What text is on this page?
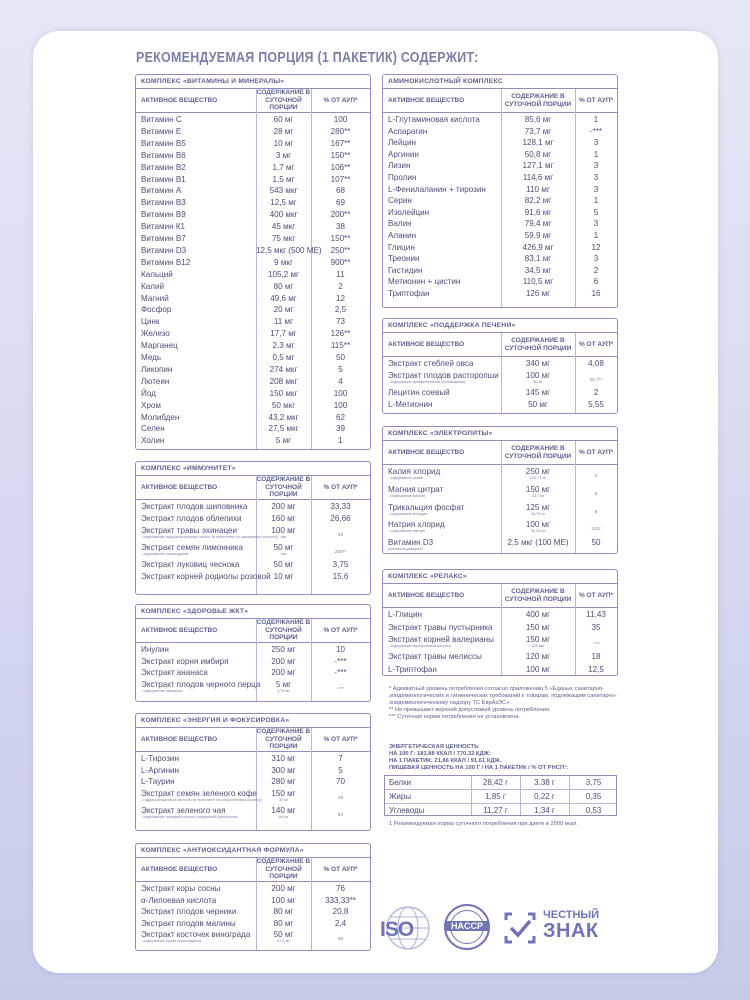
РЕКОМЕНДУЕМАЯ ПОРЦИЯ (1 ПАКЕТИК) СОДЕРЖИТ:
КОМПЛЕКС «ВИТАМИНЫ И МИНЕРАЛЫ»
АКТИВНОЕ ВЕЩЕСТВО
СОДЕРЖАНИЕ В СУТОЧНОЙ ПОРЦИИ
% ОТ АУП*
Витамин С	60 мг	100
Витамин Е	28 мг	280**
Витамин В5	10 мг	167**
Витамин В6	3 мг	150**
Витамин В2	1,7 мг	106**
Витамин В1	1,5 мг	107**
Витамин А	543 мкг	68
Витамин В3	12,5 мг	69
Витамин В9	400 мкг	200**
Витамин К1	45 мкг	38
Витамин В7	75 мкг	150**
Витамин D3	12,5 мкг (500 МЕ)	250**
Витамин В12	9 мкг	900**
Кальций	105,2 мг	11
Калий	80 мг	2
Магний	49,6 мг	12
Фосфор	20 мг	2,5
Цинк	11 мг	73
Железо	17,7 мг	126**
Марганец	2,3 мг	115**
Медь	0,5 мг	50
Ликопин	274 мкг	5
Лютеин	208 мкг	4
Йод	150 мкг	100
Хром	50 мкг	100
Молибден	43,2 мкг	62
Селен	27,5 мкг	39
Холин	5 мг	1
КОМПЛЕКС «ИММУНИТЕТ»
АКТИВНОЕ ВЕЩЕСТВО
СОДЕРЖАНИЕ В СУТОЧНОЙ ПОРЦИИ
% ОТ АУП*
Экстракт плодов шиповника	200 мг	33,33
Экстракт плодов облепихи	160 мг	26,66
Экстракт травы эхинацеи	100 мг
- содержание гидроксикоричных кислот (в пересчете на цикориевую кислоту) 4мг	40
Экстракт семян лимонника	50 мг
- содержание схизандрина	1мг	200**
Экстракт луковиц чеснока	50 мг	3,75
Экстракт корней родиолы розовой 10 мг	15,6
КОМПЛЕКС «ЗДОРОВЬЕ ЖКТ»
АКТИВНОЕ ВЕЩЕСТВО
СОДЕРЖАНИЕ В СУТОЧНОЙ ПОРЦИИ
% ОТ АУП*
Инулин	250 мг	10
Экстракт корня имбиря	200 мг	-***
Экстракт ананаса	200 мг	-***
Экстракт плодов черного перца	5 мг
- содержание пиперина	4,75 мг	-***
КОМПЛЕКС «ЭНЕРГИЯ И ФОКУСИРОВКА»
АКТИВНОЕ ВЕЩЕСТВО
СОДЕРЖАНИЕ В СУТОЧНОЙ ПОРЦИИ
% ОТ АУП*
L-Тирозин	310 мг	7
L-Аргинин	300 мг	5
L-Таурин	280 мг	70
Экстракт семян зеленого кофе	150 мг
- гидроксикоричные кислоты (в пересчете на хлорогеновую кислоту)	30 мг	15
Экстракт зеленого чая	140 мг
- содержание полифенольных соединений (катехинов)	84 мг	84
КОМПЛЕКС «АНТИОКСИДАНТНАЯ ФОРМУЛА»
АКТИВНОЕ ВЕЩЕСТВО
СОДЕРЖАНИЕ В СУТОЧНОЙ ПОРЦИИ
% ОТ АУП*
Экстракт коры сосны	200 мг	76
α-Липоевая кислота	100 мг	333,33**
Экстракт плодов черники	80 мг	20,8
Экстракт плодов малины	80 мг	2,4
Экстракт косточек винограда	50 мг
- содержание проантоцианидинов	47,5 мг	48
АМИНОКИСЛОТНЫЙ КОМПЛЕКС
АКТИВНОЕ ВЕЩЕСТВО
СОДЕРЖАНИЕ В СУТОЧНОЙ ПОРЦИИ	% ОТ АУП*
L-Глутаминовая кислота	85,6 мг	1
Аспарагин	73,7 мг	-***
Лейцин	128,1 мг	3
Аргинин	50,8 мг	1
Лизин	127,1 мг	3
Пролин	114,6 мг	3
L-Фенилаланин + тирозин	110 мг	3
Серин	82,2 мг	1
Изолейцин	91,6 мг	5
Валин	79,4 мг	3
Аланин	59,9 мг	1
Глицин	426,9 мг	12
Треонин	83,1 мг	3
Гистидин	34,5 мг	2
Метионин + цистин	110,5 мг	6
Триптофан	126 мг	16
КОМПЛЕКС «ПОДДЕРЖКА ПЕЧЕНИ»
АКТИВНОЕ ВЕЩЕСТВО
СОДЕРЖАНИЕ В СУТОЧНОЙ ПОРЦИИ	% ОТ АУП*
Экстракт стеблей овса	340 мг	4,08
Экстракт плодов расторопши	100 мг
- содержание флаволигнанов (силимарина)	80 мг	26,7**
Лецитин соевый	145 мг	2
L-Метионин	50 мг	5,55
КОМПЛЕКС «ЭЛЕКТРОЛИТЫ»
АКТИВНОЕ ВЕЩЕСТВО
СОДЕРЖАНИЕ В СУТОЧНОЙ ПОРЦИИ	% ОТ АУП*
Калия хлорид	250 мг
- содержание калия	130,77 мг	4
Магния цитрат	150 мг
- содержание магния	23,7 мг	6
Трикальция фосфат	125 мг
- содержание кальция	48,75 мг	5
Натрия хлорид	100 мг
- содержание натрия	39,33 мг	3,02
Витамин D3	2,5 мкг (100 МЕ)	50
(холекальциферол)
КОМПЛЕКС «РЕЛАКС»
АКТИВНОЕ ВЕЩЕСТВО
СОДЕРЖАНИЕ В СУТОЧНОЙ ПОРЦИИ	% ОТ АУП*
L-Глицин	400 мг	11,43
Экстракт травы пустырника	150 мг	35
Экстракт корней валерианы	150 мг
- содержание валереновой кислоты	300 мкг	-***
Экстракт травы мелиссы	120 мг	18
L-Триптофан	100 мг	12,5
* Адекватный уровень потребления согласно приложению 5 «Единых санитарно-эпидемиологических и гигиенических требований к товарам, подлежащим санитарно-эпидемиологическому надзору ТС ЕврАзЭС».
** Не превышает верхний допустимый уровень потребления.
*** Суточная норма потребления не установлена.
ЭНЕРГЕТИЧЕСКАЯ ЦЕННОСТЬ
НА 100 Г: 183,88 ККАЛ / 770,32 КДЖ;
НА 1 ПАКЕТИК: 21,86 ККАЛ / 91,61 КДЖ.
ПИЩЕВАЯ ЦЕННОСТЬ НА 100 Г / НА 1 ПАКЕТИК / % ОТ РНСП¹:
Белки	28,42 г	3,38 г	3,75
Жиры	1,85 г	0,22 г	0,35
Углеводы	11,27 г	1,34 г	0,53
1 Рекомендуемая норма суточного потребления при диете в 2000 ккал.
ISO	HACCP
ЧЕСТНЫЙ
ЗНАК
